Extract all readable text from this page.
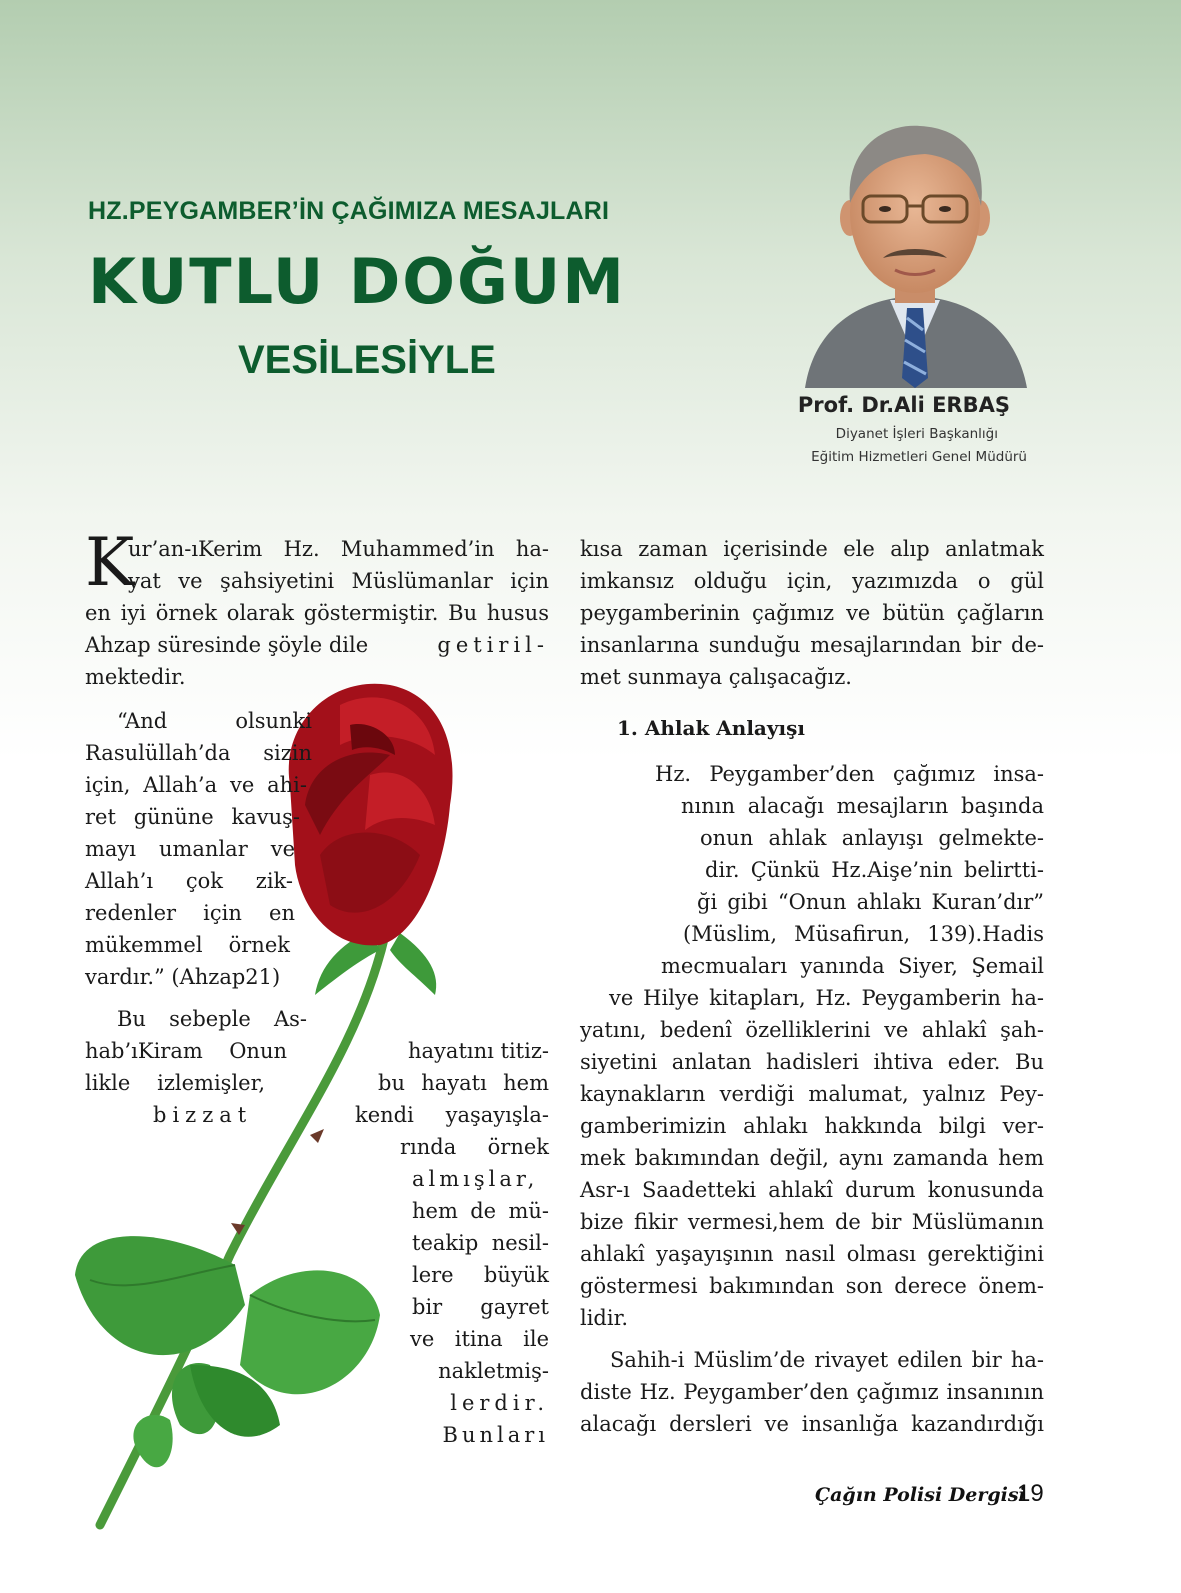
HZ.PEYGAMBER’İN ÇAĞIMIZA MESAJLARI
KUTLU DOĞUM
VESİLESİYLE
Prof. Dr.Ali ERBAŞ
Diyanet İşleri Başkanlığı
Eğitim Hizmetleri Genel Müdürü
K

ur’an-ıKerim Hz. Muhammed’in ha-

yat ve şahsiyetini Müslümanlar için

en iyi örnek olarak göstermiştir. Bu husus

Ahzap süresinde şöyle dile	getiril-

mektedir.

“And olsunki

Rasulüllah’da sizin

için, Allah’a ve ahi-

ret gününe kavuş-

mayı umanlar ve

Allah’ı çok zik-

redenler için en

mükemmel örnek

vardır.” (Ahzap21)

Bu sebeple As-

hab’ıKiram Onun

likle izlemişler,

bizzat

hayatını titiz-

bu hayatı hem

kendi yaşayışla-

rında örnek

almışlar,

hem de mü-

teakip nesil-

lere büyük

bir gayret

ve itina ile

nakletmiş-

lerdir.

Bunları

kısa zaman içerisinde ele alıp anlatmak

imkansız olduğu için, yazımızda o gül

peygamberinin çağımız ve bütün çağların

insanlarına sunduğu mesajlarından bir de-

met sunmaya çalışacağız.

1. Ahlak Anlayışı

Hz. Peygamber’den çağımız insa-

nının alacağı mesajların başında

onun ahlak anlayışı gelmekte-

dir. Çünkü Hz.Aişe’nin belirtti-

ği gibi “Onun ahlakı Kuran’dır”

(Müslim, Müsafirun, 139).Hadis

mecmuaları yanında Siyer, Şemail

ve Hilye kitapları, Hz. Peygamberin ha-

yatını, bedenî özelliklerini ve ahlakî şah-

siyetini anlatan hadisleri ihtiva eder. Bu

kaynakların verdiği malumat, yalnız Pey-

gamberimizin ahlakı hakkında bilgi ver-

mek bakımından değil, aynı zamanda hem

Asr-ı Saadetteki ahlakî durum konusunda

bize fikir vermesi,hem de bir Müslümanın

ahlakî yaşayışının nasıl olması gerektiğini

göstermesi bakımından son derece önem-

lidir.

Sahih-i Müslim’de rivayet edilen bir ha-

diste Hz. Peygamber’den çağımız insanının

alacağı dersleri ve insanlığa kazandırdığı

Çağın Polisi Dergisi
19
